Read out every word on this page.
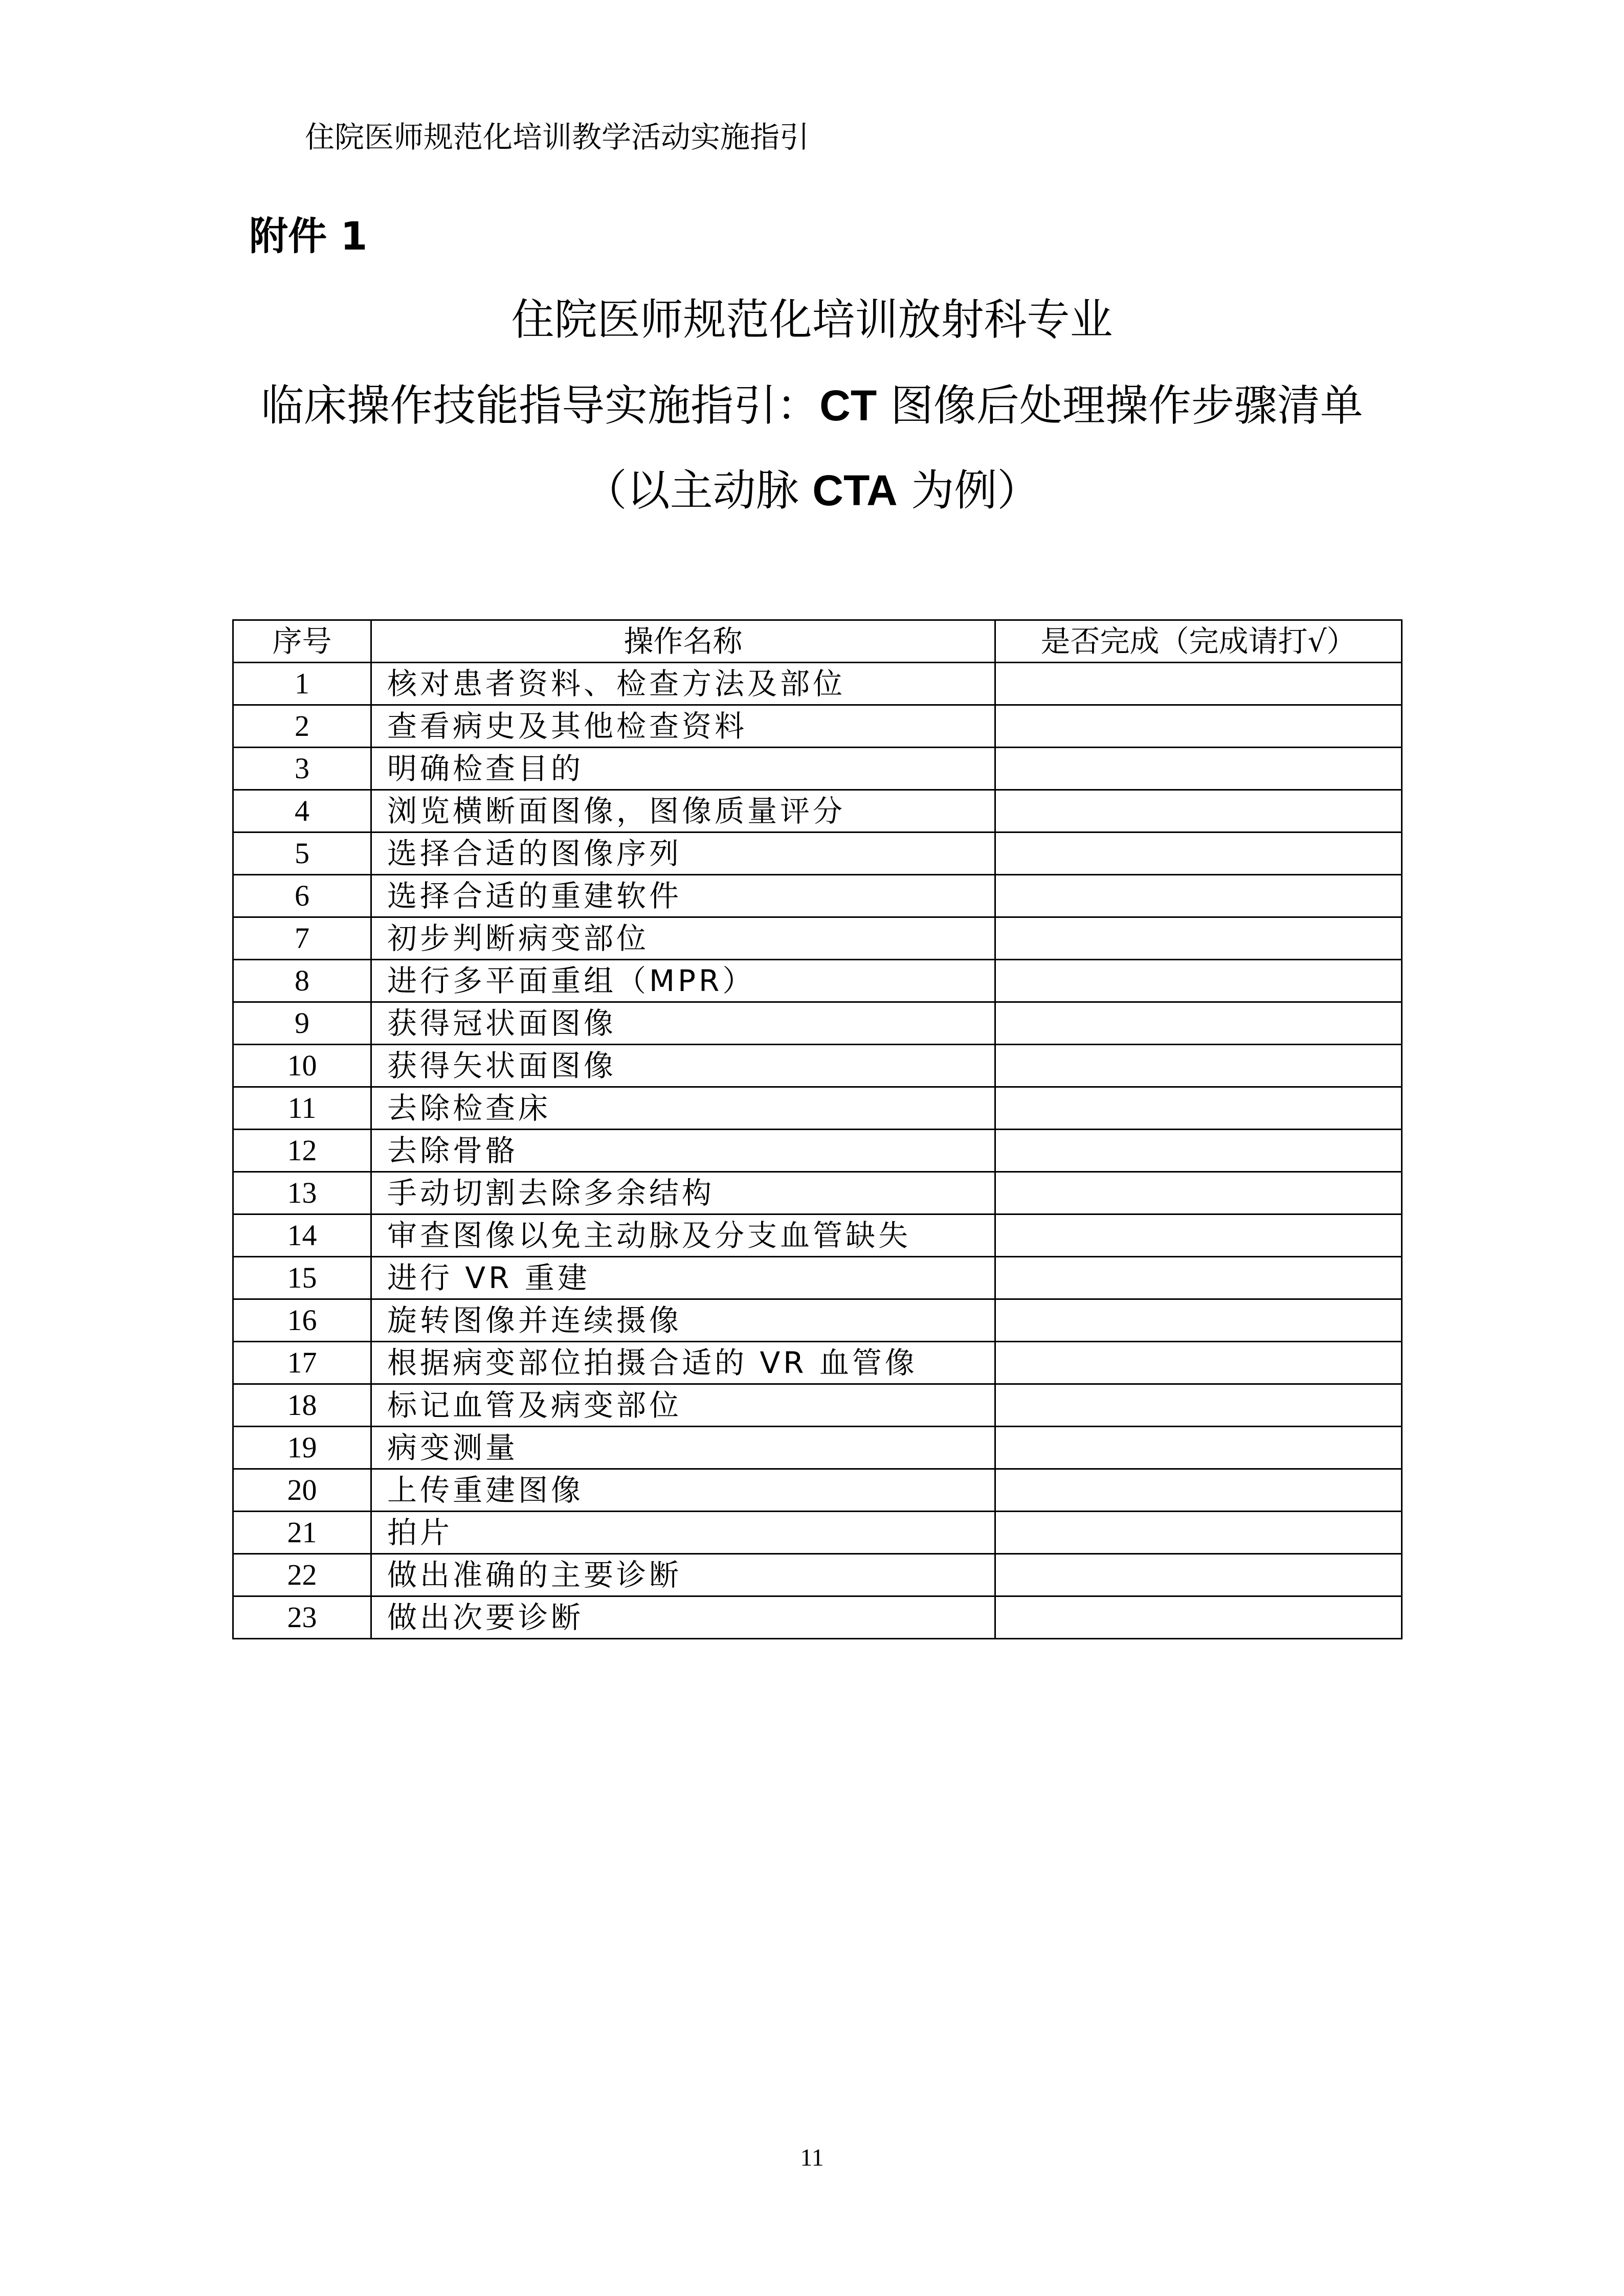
住院医师规范化培训教学活动实施指引
附件 1
住院医师规范化培训放射科专业
临床操作技能指导实施指引：CT 图像后处理操作步骤清单
（以主动脉 CTA 为例）
序号	操作名称	是否完成（完成请打√）
1	核对患者资料、检查方法及部位	
2	查看病史及其他检查资料	
3	明确检查目的	
4	浏览横断面图像，图像质量评分	
5	选择合适的图像序列	
6	选择合适的重建软件	
7	初步判断病变部位	
8	进行多平面重组（MPR）	
9	获得冠状面图像	
10	获得矢状面图像	
11	去除检查床	
12	去除骨骼	
13	手动切割去除多余结构	
14	审查图像以免主动脉及分支血管缺失	
15	进行 VR 重建	
16	旋转图像并连续摄像	
17	根据病变部位拍摄合适的 VR 血管像	
18	标记血管及病变部位	
19	病变测量	
20	上传重建图像	
21	拍片	
22	做出准确的主要诊断	
23	做出次要诊断	
11
